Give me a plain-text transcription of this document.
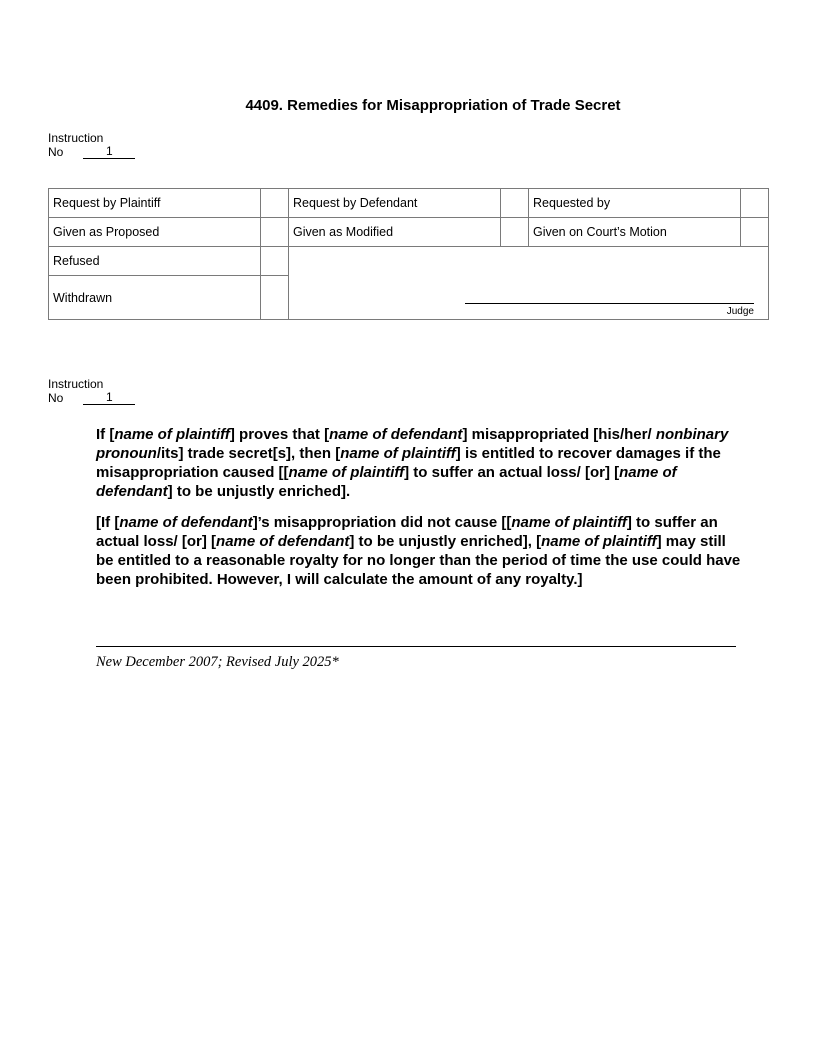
4409. Remedies for Misappropriation of Trade Secret
Instruction
No	1
Request by Plaintiff		Request by Defendant		Requested by	
Given as Proposed		Given as Modified		Given on Court’s Motion	
Refused		Judge			

Withdrawn					
Instruction
No	1

If [name of plaintiff] proves that [name of defendant] misappropriated [his/her/ nonbinary pronoun/its] trade secret[s], then [name of plaintiff] is entitled to recover damages if the misappropriation caused [[name of plaintiff] to suffer an actual loss/ [or] [name of defendant] to be unjustly enriched].

[If [name of defendant]’s misappropriation did not cause [[name of plaintiff] to suffer an actual loss/ [or] [name of defendant] to be unjustly enriched], [name of plaintiff] may still be entitled to a reasonable royalty for no longer than the period of time the use could have been prohibited. However, I will calculate the amount of any royalty.]

New December 2007; Revised July 2025*
